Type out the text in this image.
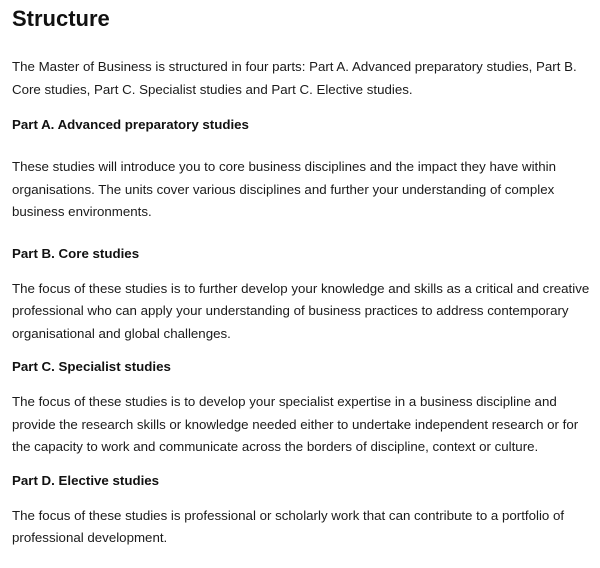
Structure

The Master of Business is structured in four parts: Part A. Advanced preparatory studies, Part B. Core studies, Part C. Specialist studies and Part C. Elective studies.

Part A. Advanced preparatory studies

These studies will introduce you to core business disciplines and the impact they have within organisations. The units cover various disciplines and further your understanding of complex business environments.

Part B. Core studies

The focus of these studies is to further develop your knowledge and skills as a critical and creative professional who can apply your understanding of business practices to address contemporary organisational and global challenges.

Part C. Specialist studies

The focus of these studies is to develop your specialist expertise in a business discipline and provide the research skills or knowledge needed either to undertake independent research or for the capacity to work and communicate across the borders of discipline, context or culture.

Part D. Elective studies

The focus of these studies is professional or scholarly work that can contribute to a portfolio of professional development.
